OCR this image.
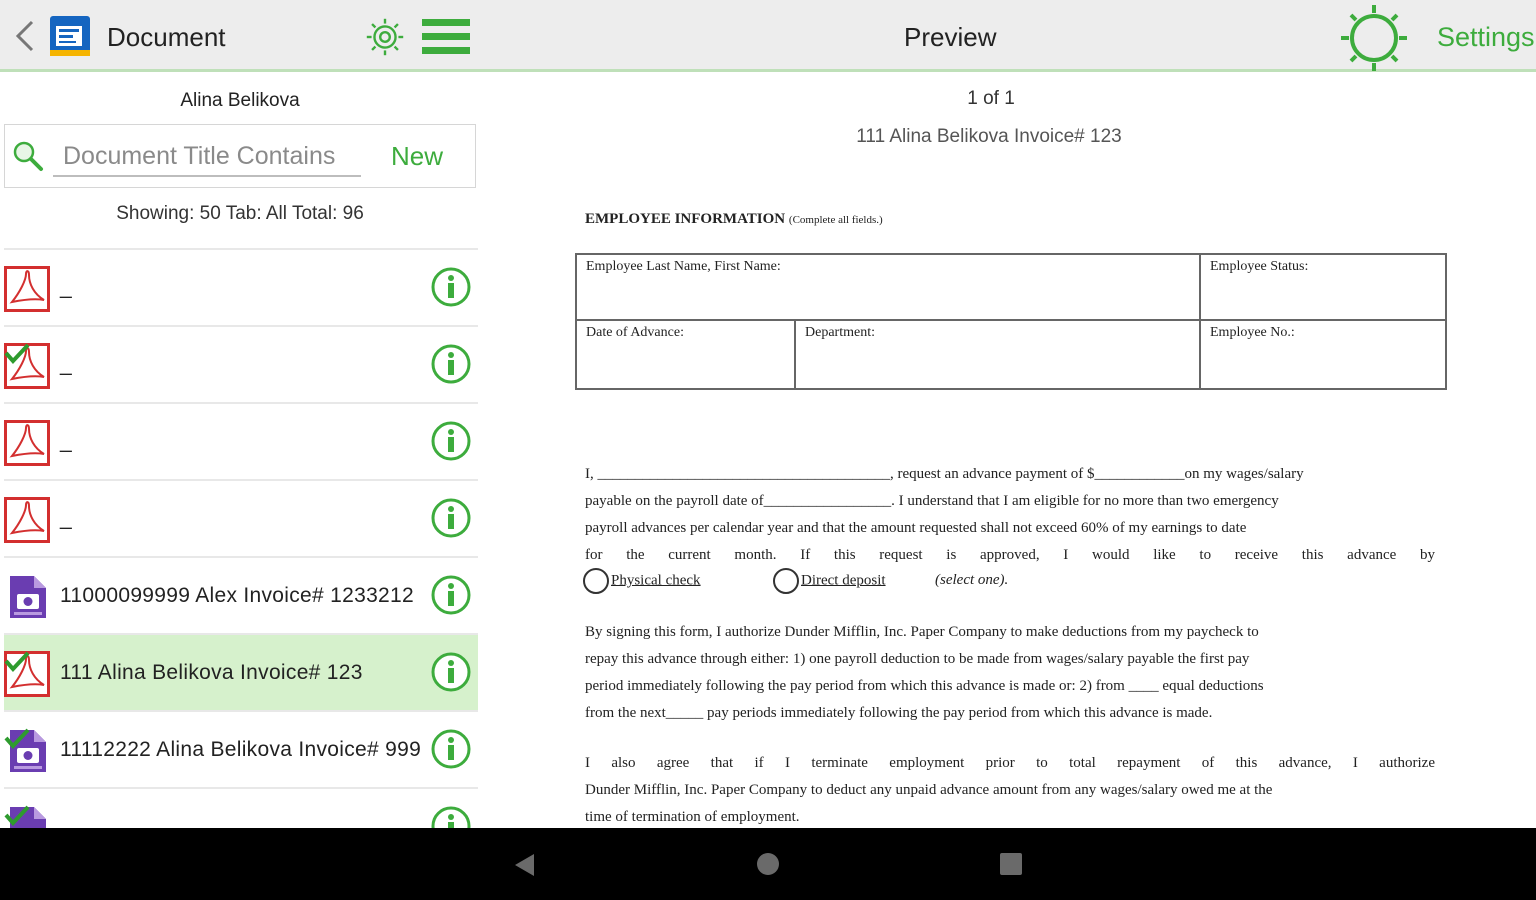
Document	Preview	Settings
Alina Belikova
Document Title Contains
New
Showing: 50 Tab: All Total: 96
_
_
_
_
11000099999 Alex Invoice# 1233212
111 Alina Belikova Invoice# 123
11112222 Alina Belikova Invoice# 999
1 of 1
111 Alina Belikova Invoice# 123
EMPLOYEE INFORMATION (Complete all fields.)
Employee Last Name, First Name:	Employee Status:
Date of Advance:	Department:	Employee No.:
I, _______________________________________, request an advance payment of $____________on my wages/salary
payable on the payroll date of_________________. I understand that I am eligible for no more than two emergency
payroll advances per calendar year and that the amount requested shall not exceed 60% of my earnings to date
for the current month. If this request is approved, I would like to receive this advance by
Physical check	Direct deposit	(select one).
By signing this form, I authorize Dunder Mifflin, Inc. Paper Company to make deductions from my paycheck to
repay this advance through either: 1) one payroll deduction to be made from wages/salary payable the first pay
period immediately following the pay period from which this advance is made or: 2) from ____ equal deductions
from the next_____ pay periods immediately following the pay period from which this advance is made.
I also agree that if I terminate employment prior to total repayment of this advance, I authorize
Dunder Mifflin, Inc. Paper Company to deduct any unpaid advance amount from any wages/salary owed me at the
time of termination of employment.
